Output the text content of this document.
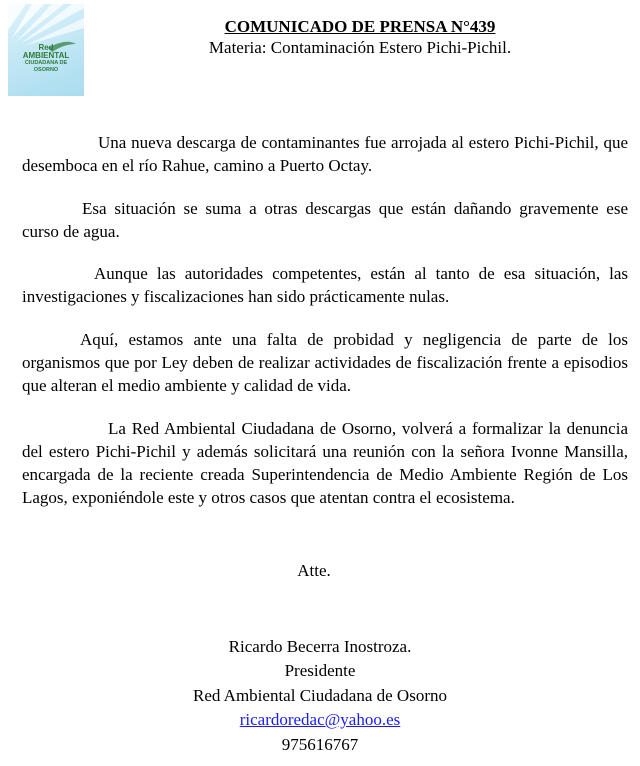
Red
AMBIENTAL
CIUDADANA DE
OSORNO
COMUNICADO DE PRENSA N°439
Materia: Contaminación Estero Pichi-Pichil.

Una nueva descarga de contaminantes fue arrojada al estero Pichi-Pichil, que desemboca en el río Rahue, camino a Puerto Octay.

Esa situación se suma a otras descargas que están dañando gravemente ese curso de agua.

Aunque las autoridades competentes, están al tanto de esa situación, las investigaciones y fiscalizaciones han sido prácticamente nulas.

Aquí, estamos ante una falta de probidad y negligencia de parte de los organismos que por Ley deben de realizar actividades de fiscalización frente a episodios que alteran el medio ambiente y calidad de vida.

La Red Ambiental Ciudadana de Osorno, volverá a formalizar la denuncia del estero Pichi-Pichil y además solicitará una reunión con la señora Ivonne Mansilla, encargada de la reciente creada Superintendencia de Medio Ambiente Región de Los Lagos, exponiéndole este y otros casos que atentan contra el ecosistema.

Atte.
Ricardo Becerra Inostroza.
Presidente
Red Ambiental Ciudadana de Osorno
ricardoredac@yahoo.es
975616767
